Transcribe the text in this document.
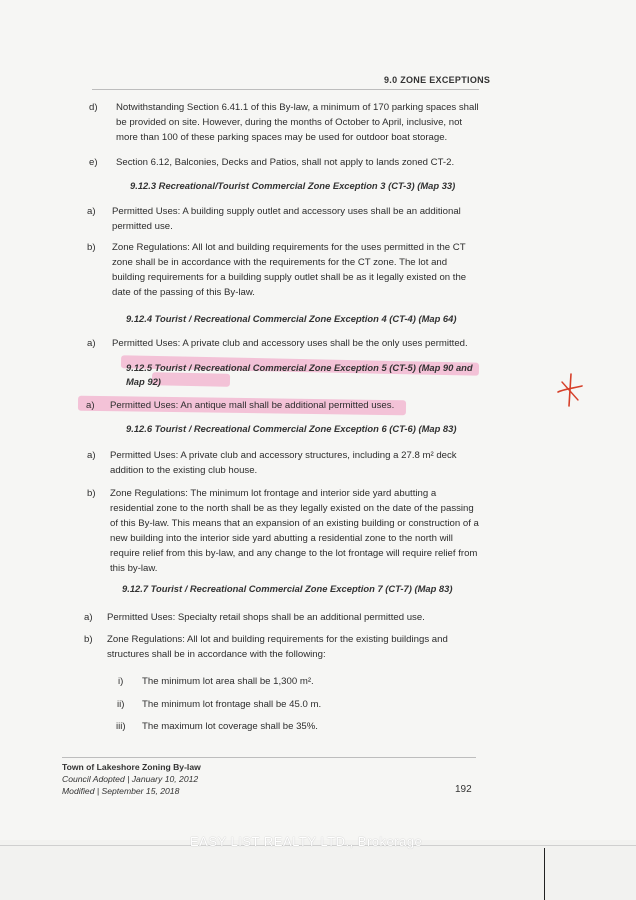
9.0 ZONE EXCEPTIONS
d) Notwithstanding Section 6.41.1 of this By-law, a minimum of 170 parking spaces shall be provided on site. However, during the months of October to April, inclusive, not more than 100 of these parking spaces may be used for outdoor boat storage.
e) Section 6.12, Balconies, Decks and Patios, shall not apply to lands zoned CT-2.
9.12.3 Recreational/Tourist Commercial Zone Exception 3 (CT-3) (Map 33)
a) Permitted Uses: A building supply outlet and accessory uses shall be an additional permitted use.
b) Zone Regulations: All lot and building requirements for the uses permitted in the CT zone shall be in accordance with the requirements for the CT zone. The lot and building requirements for a building supply outlet shall be as it legally existed on the date of the passing of this By-law.
9.12.4 Tourist / Recreational Commercial Zone Exception 4 (CT-4) (Map 64)
a) Permitted Uses: A private club and accessory uses shall be the only uses permitted.
9.12.5 Tourist / Recreational Commercial Zone Exception 5 (CT-5) (Map 90 and Map 92)
a) Permitted Uses: An antique mall shall be additional permitted uses.
9.12.6 Tourist / Recreational Commercial Zone Exception 6 (CT-6) (Map 83)
a) Permitted Uses: A private club and accessory structures, including a 27.8 m² deck addition to the existing club house.
b) Zone Regulations: The minimum lot frontage and interior side yard abutting a residential zone to the north shall be as they legally existed on the date of the passing of this By-law. This means that an expansion of an existing building or construction of a new building into the interior side yard abutting a residential zone to the north will require relief from this by-law, and any change to the lot frontage will require relief from this by-law.
9.12.7 Tourist / Recreational Commercial Zone Exception 7 (CT-7) (Map 83)
a) Permitted Uses: Specialty retail shops shall be an additional permitted use.
b) Zone Regulations: All lot and building requirements for the existing buildings and structures shall be in accordance with the following:
i) The minimum lot area shall be 1,300 m².
ii) The minimum lot frontage shall be 45.0 m.
iii) The maximum lot coverage shall be 35%.
Town of Lakeshore Zoning By-law
Council Adopted | January 10, 2012
Modified | September 15, 2018	192
EASY LIST REALTY LTD., Brokerage
